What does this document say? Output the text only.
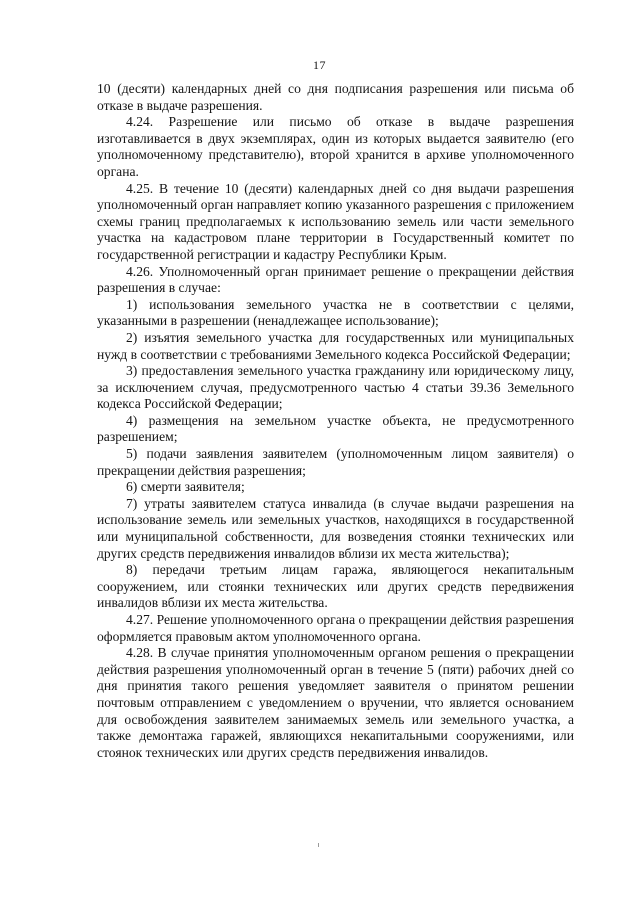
17

10 (десяти) календарных дней со дня подписания разрешения или письма об отказе в выдаче разрешения.

4.24. Разрешение или письмо об отказе в выдаче разрешения изготавливается в двух экземплярах, один из которых выдается заявителю (его уполномоченному представителю), второй хранится в архиве уполномоченного органа.

4.25. В течение 10 (десяти) календарных дней со дня выдачи разрешения уполномоченный орган направляет копию указанного разрешения с приложением схемы границ предполагаемых к использованию земель или части земельного участка на кадастровом плане территории в Государственный комитет по государственной регистрации и кадастру Республики Крым.

4.26. Уполномоченный орган принимает решение о прекращении действия разрешения в случае:

1) использования земельного участка не в соответствии с целями, указанными в разрешении (ненадлежащее использование);

2) изъятия земельного участка для государственных или муниципальных нужд в соответствии с требованиями Земельного кодекса Российской Федерации;

3) предоставления земельного участка гражданину или юридическому лицу, за исключением случая, предусмотренного частью 4 статьи 39.36 Земельного кодекса Российской Федерации;

4) размещения на земельном участке объекта, не предусмотренного разрешением;

5) подачи заявления заявителем (уполномоченным лицом заявителя) о прекращении действия разрешения;

6) смерти заявителя;

7) утраты заявителем статуса инвалида (в случае выдачи разрешения на использование земель или земельных участков, находящихся в государственной или муниципальной собственности, для возведения стоянки технических или других средств передвижения инвалидов вблизи их места жительства);

8) передачи третьим лицам гаража, являющегося некапитальным сооружением, или стоянки технических или других средств передвижения инвалидов вблизи их места жительства.

4.27. Решение уполномоченного органа о прекращении действия разрешения оформляется правовым актом уполномоченного органа.

4.28. В случае принятия уполномоченным органом решения о прекращении действия разрешения уполномоченный орган в течение 5 (пяти) рабочих дней со дня принятия такого решения уведомляет заявителя о принятом решении почтовым отправлением с уведомлением о вручении, что является основанием для освобождения заявителем занимаемых земель или земельного участка, а также демонтажа гаражей, являющихся некапитальными сооружениями, или стоянок технических или других средств передвижения инвалидов.
